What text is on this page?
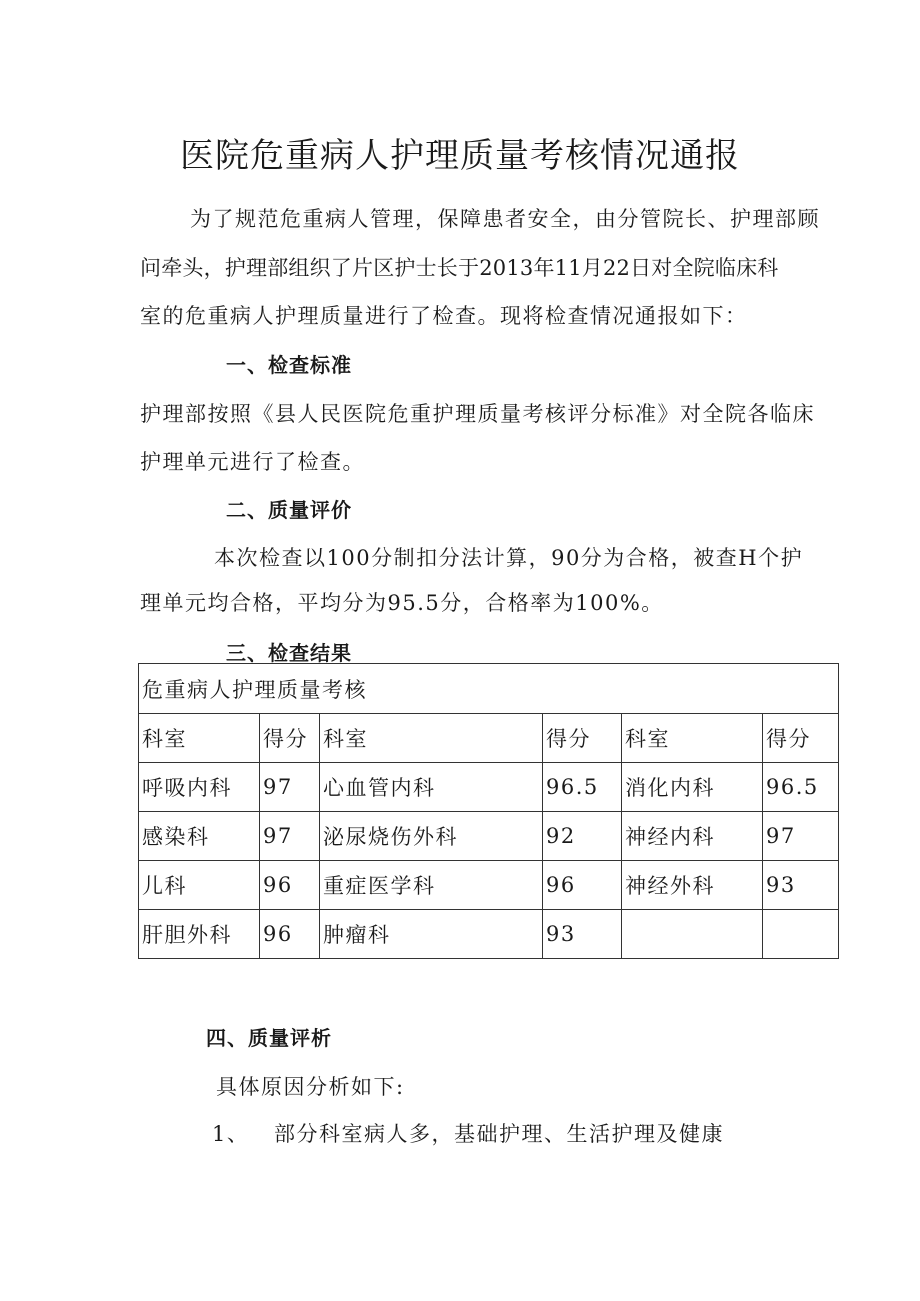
医院危重病人护理质量考核情况通报
为了规范危重病人管理，保障患者安全，由分管院长、护理部顾
问牵头，护理部组织了片区护士长于2013年11月22日对全院临床科
室的危重病人护理质量进行了检查。现将检查情况通报如下：
一、检查标准
护理部按照《县人民医院危重护理质量考核评分标准》对全院各临床
护理单元进行了检查。
二、质量评价
本次检查以100分制扣分法计算，90分为合格，被查H个护
理单元均合格，平均分为95.5分，合格率为100%。
三、检查结果
危重病人护理质量考核					
科室	得分	科室	得分	科室	得分
呼吸内科	97	心血管内科	96.5	消化内科	96.5
感染科	97	泌尿烧伤外科	92	神经内科	97
儿科	96	重症医学科	96	神经外科	93
肝胆外科	96	肿瘤科	93		
四、质量评析
具体原因分析如下:
1、 部分科室病人多，基础护理、生活护理及健康
